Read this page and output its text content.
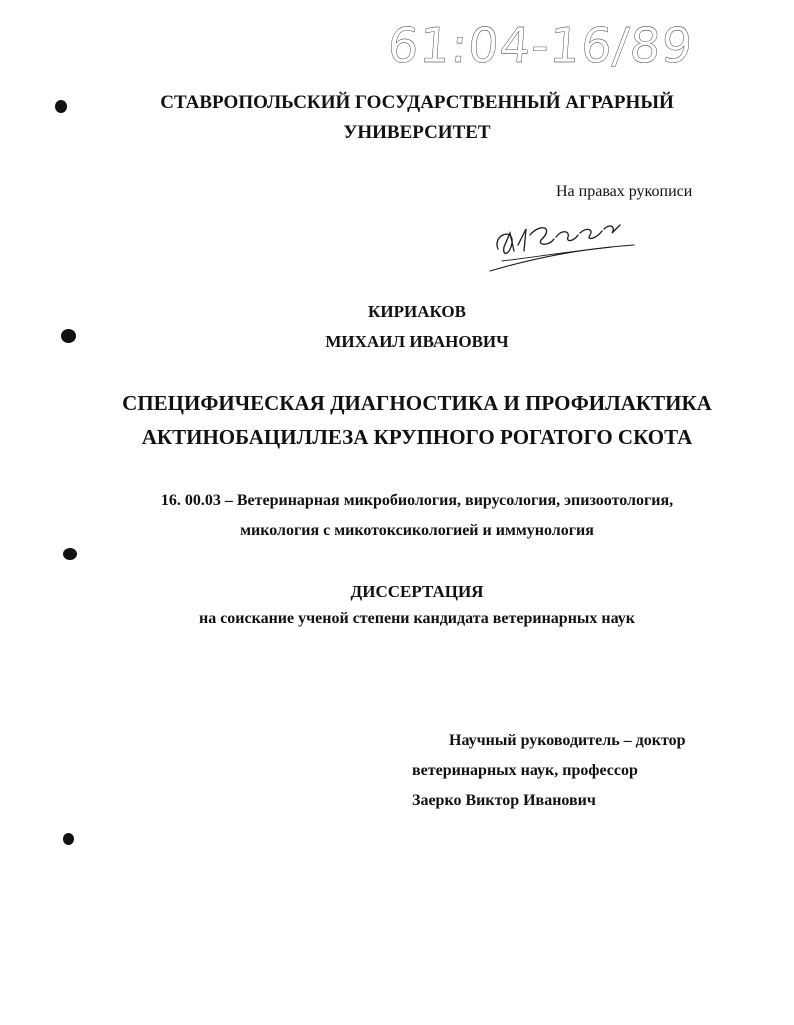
61:04-16/89
СТАВРОПОЛЬСКИЙ ГОСУДАРСТВЕННЫЙ АГРАРНЫЙ
УНИВЕРСИТЕТ
На правах рукописи
КИРИАКОВ
МИХАИЛ ИВАНОВИЧ
СПЕЦИФИЧЕСКАЯ ДИАГНОСТИКА И ПРОФИЛАКТИКА
АКТИНОБАЦИЛЛЕЗА КРУПНОГО РОГАТОГО СКОТА
16. 00.03 – Ветеринарная микробиология, вирусология, эпизоотология,
микология с микотоксикологией и иммунология
ДИССЕРТАЦИЯ
на соискание ученой степени кандидата ветеринарных наук
Научный руководитель – доктор
ветеринарных наук, профессор
Заерко Виктор Иванович
